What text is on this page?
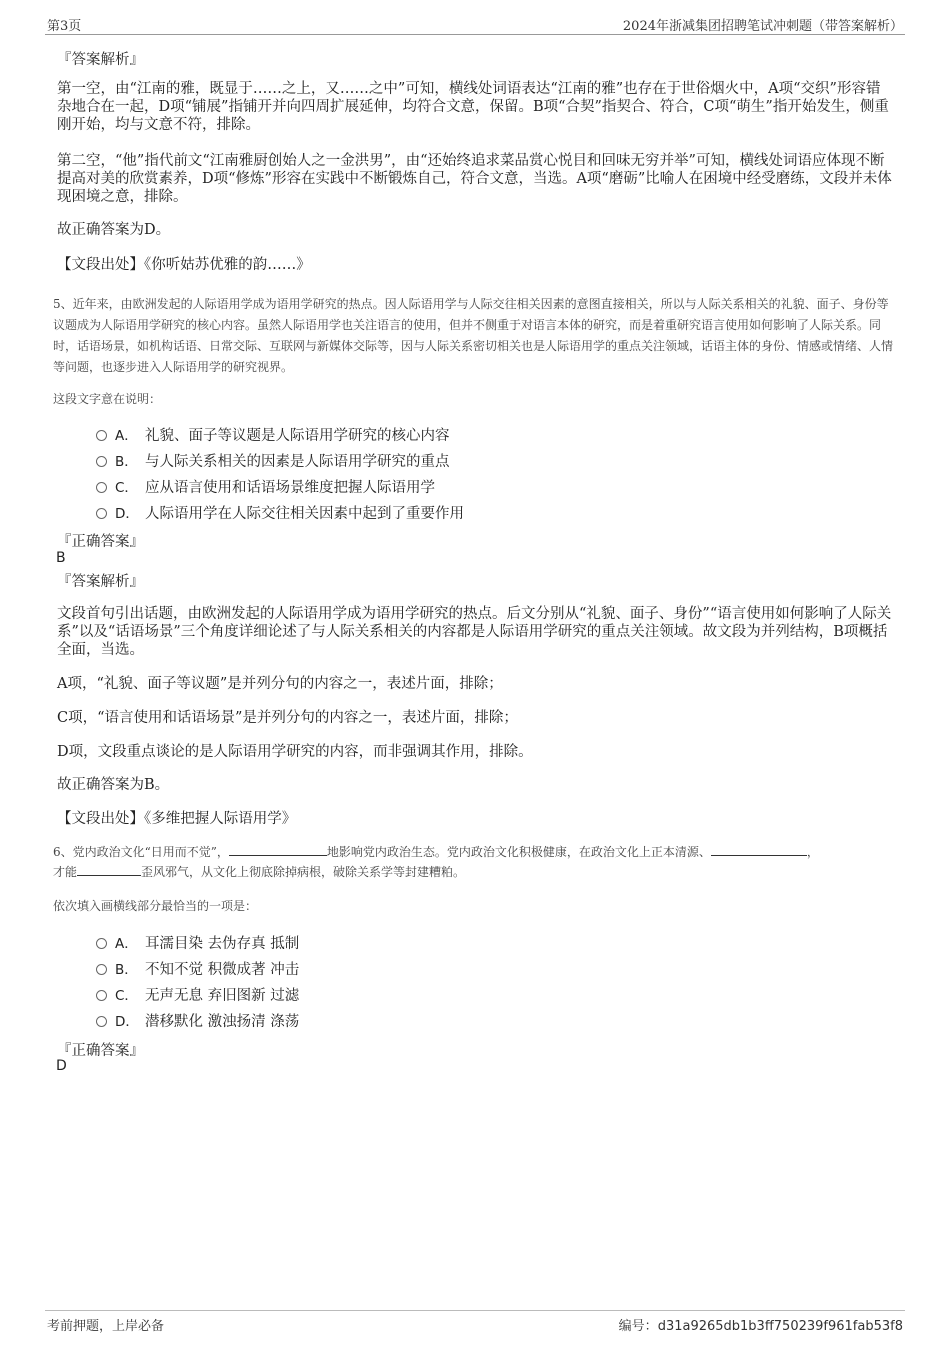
第3页	2024年浙减集团招聘笔试冲刺题（带答案解析）
『答案解析』
第一空，由“江南的雅，既显于……之上，又……之中”可知，横线处词语表达“江南的雅”也存在于世俗烟火中，A项“交织”形容错杂地合在一起，D项“铺展”指铺开并向四周扩展延伸，均符合文意，保留。B项“合契”指契合、符合，C项“萌生”指开始发生，侧重刚开始，均与文意不符，排除。
第二空，“他”指代前文“江南雅厨创始人之一金洪男”，由“还始终追求菜品赏心悦目和回味无穷并举”可知，横线处词语应体现不断提高对美的欣赏素养，D项“修炼”形容在实践中不断锻炼自己，符合文意，当选。A项“磨砺”比喻人在困境中经受磨练，文段并未体现困境之意，排除。
故正确答案为D。
【文段出处】《你听姑苏优雅的韵……》
5、近年来，由欧洲发起的人际语用学成为语用学研究的热点。因人际语用学与人际交往相关因素的意图直接相关，所以与人际关系相关的礼貌、面子、身份等议题成为人际语用学研究的核心内容。虽然人际语用学也关注语言的使用，但并不侧重于对语言本体的研究，而是着重研究语言使用如何影响了人际关系。同时，话语场景，如机构话语、日常交际、互联网与新媒体交际等，因与人际关系密切相关也是人际语用学的重点关注领域，话语主体的身份、情感或情绪、人情等问题，也逐步进入人际语用学的研究视界。
这段文字意在说明：
A． 礼貌、面子等议题是人际语用学研究的核心内容
B． 与人际关系相关的因素是人际语用学研究的重点
C． 应从语言使用和话语场景维度把握人际语用学
D． 人际语用学在人际交往相关因素中起到了重要作用
『正确答案』
B
『答案解析』
文段首句引出话题，由欧洲发起的人际语用学成为语用学研究的热点。后文分别从“礼貌、面子、身份”“语言使用如何影响了人际关系”以及“话语场景”三个角度详细论述了与人际关系相关的内容都是人际语用学研究的重点关注领域。故文段为并列结构，B项概括全面，当选。
A项，“礼貌、面子等议题”是并列分句的内容之一，表述片面，排除；
C项，“语言使用和话语场景”是并列分句的内容之一，表述片面，排除；
D项，文段重点谈论的是人际语用学研究的内容，而非强调其作用，排除。
故正确答案为B。
【文段出处】《多维把握人际语用学》
6、党内政治文化“日用而不觉”，	地影响党内政治生态。党内政治文化积极健康，在政治文化上正本清源、	，
才能	歪风邪气，从文化上彻底除掉病根，破除关系学等封建糟粕。
依次填入画横线部分最恰当的一项是：
A． 耳濡目染 去伪存真 抵制
B． 不知不觉 积微成著 冲击
C． 无声无息 弃旧图新 过滤
D． 潜移默化 激浊扬清 涤荡
『正确答案』
D
考前押题，上岸必备	编号：d31a9265db1b3ff750239f961fab53f8
